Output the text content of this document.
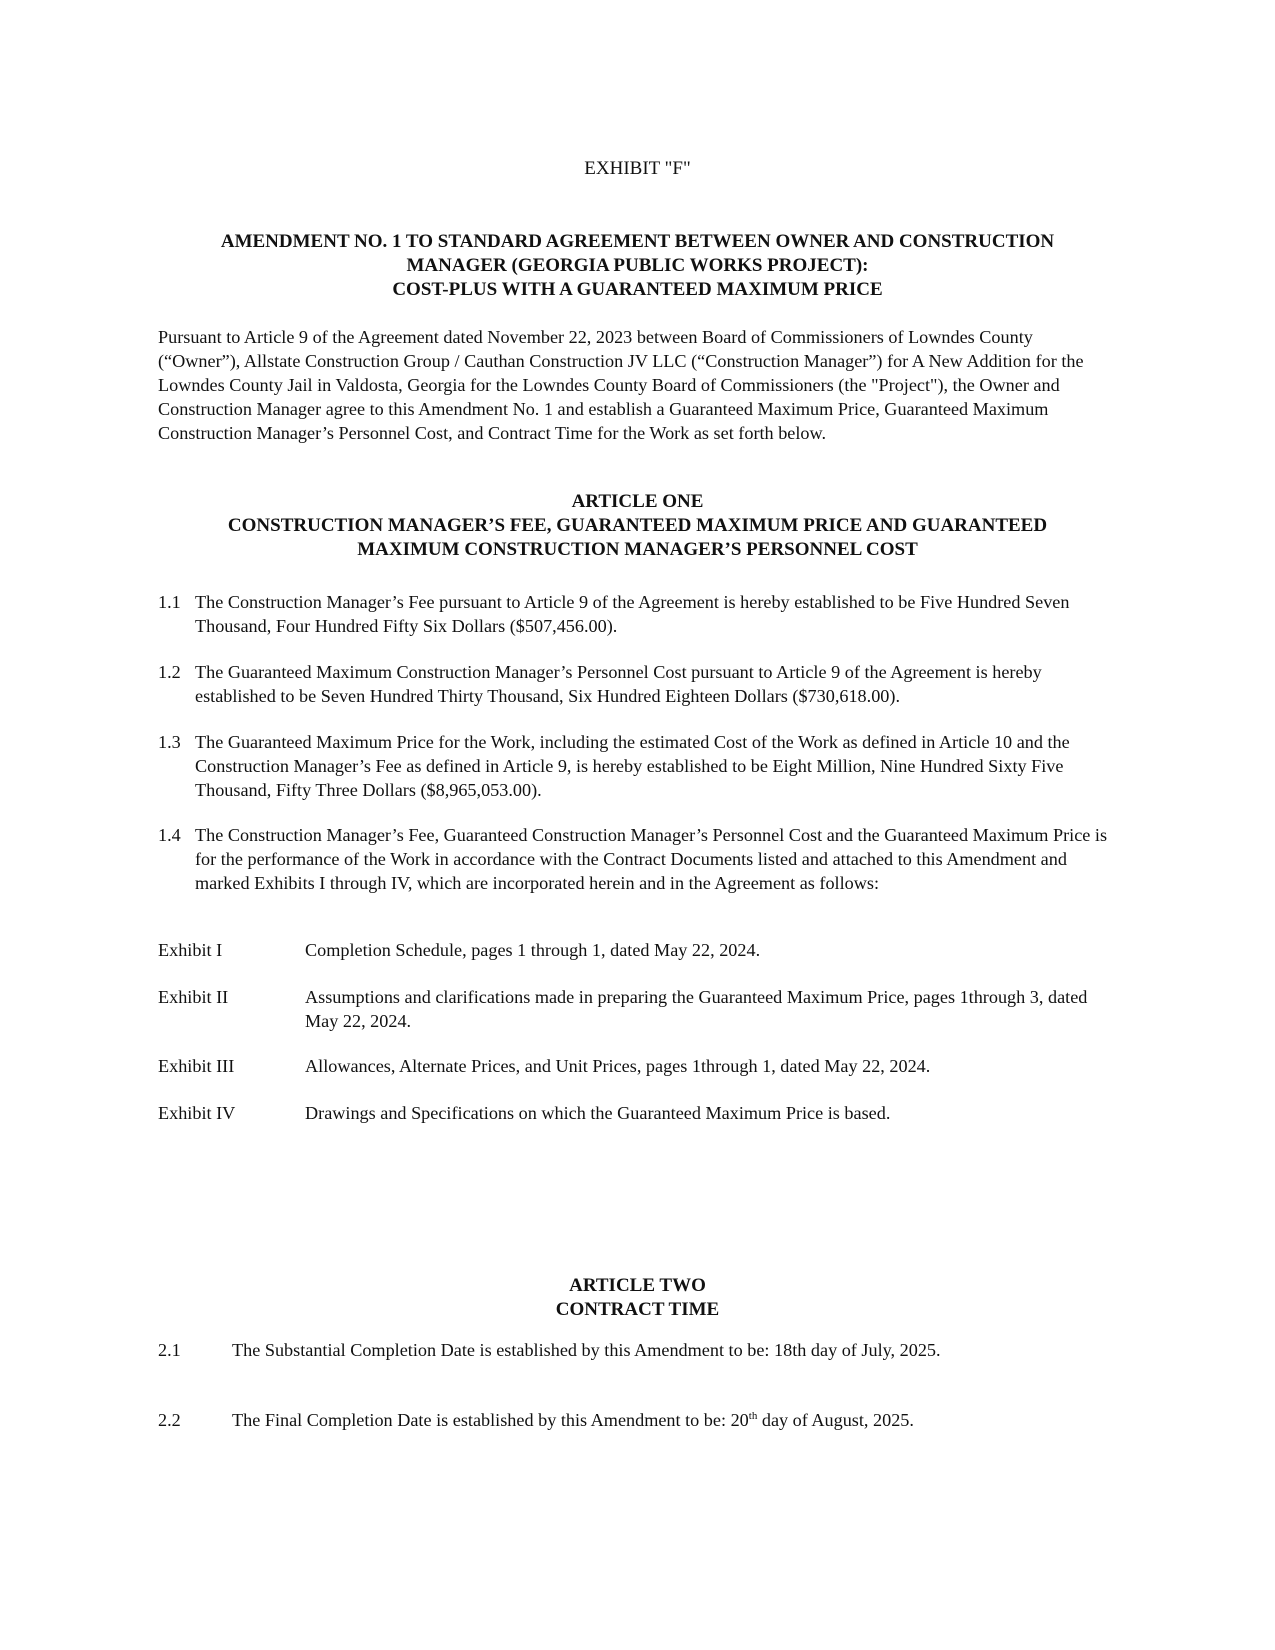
EXHIBIT "F"
AMENDMENT NO. 1 TO STANDARD AGREEMENT BETWEEN OWNER AND CONSTRUCTION
MANAGER (GEORGIA PUBLIC WORKS PROJECT):
COST-PLUS WITH A GUARANTEED MAXIMUM PRICE

Pursuant to Article 9 of the Agreement dated November 22, 2023 between Board of Commissioners of Lowndes County (“Owner”), Allstate Construction Group / Cauthan Construction JV LLC (“Construction Manager”) for A New Addition for the Lowndes County Jail in Valdosta, Georgia for the Lowndes County Board of Commissioners (the "Project"), the Owner and Construction Manager agree to this Amendment No. 1 and establish a Guaranteed Maximum Price, Guaranteed Maximum Construction Manager’s Personnel Cost, and Contract Time for the Work as set forth below.

ARTICLE ONE
CONSTRUCTION MANAGER’S FEE, GUARANTEED MAXIMUM PRICE AND GUARANTEED
MAXIMUM CONSTRUCTION MANAGER’S PERSONNEL COST
1.1 The Construction Manager’s Fee pursuant to Article 9 of the Agreement is hereby established to be Five Hundred Seven Thousand, Four Hundred Fifty Six Dollars ($507,456.00).
1.2 The Guaranteed Maximum Construction Manager’s Personnel Cost pursuant to Article 9 of the Agreement is hereby established to be Seven Hundred Thirty Thousand, Six Hundred Eighteen Dollars ($730,618.00).
1.3 The Guaranteed Maximum Price for the Work, including the estimated Cost of the Work as defined in Article 10 and the Construction Manager’s Fee as defined in Article 9, is hereby established to be Eight Million, Nine Hundred Sixty Five Thousand, Fifty Three Dollars ($8,965,053.00).
1.4 The Construction Manager’s Fee, Guaranteed Construction Manager’s Personnel Cost and the Guaranteed Maximum Price is for the performance of the Work in accordance with the Contract Documents listed and attached to this Amendment and marked Exhibits I through IV, which are incorporated herein and in the Agreement as follows:
Exhibit I	Completion Schedule, pages 1 through 1, dated May 22, 2024.
Exhibit II	Assumptions and clarifications made in preparing the Guaranteed Maximum Price, pages 1through 3, dated May 22, 2024.
Exhibit III	Allowances, Alternate Prices, and Unit Prices, pages 1through 1, dated May 22, 2024.
Exhibit IV	Drawings and Specifications on which the Guaranteed Maximum Price is based.
ARTICLE TWO
CONTRACT TIME
2.1	The Substantial Completion Date is established by this Amendment to be: 18th day of July, 2025.
2.2	The Final Completion Date is established by this Amendment to be: 20th day of August, 2025.
